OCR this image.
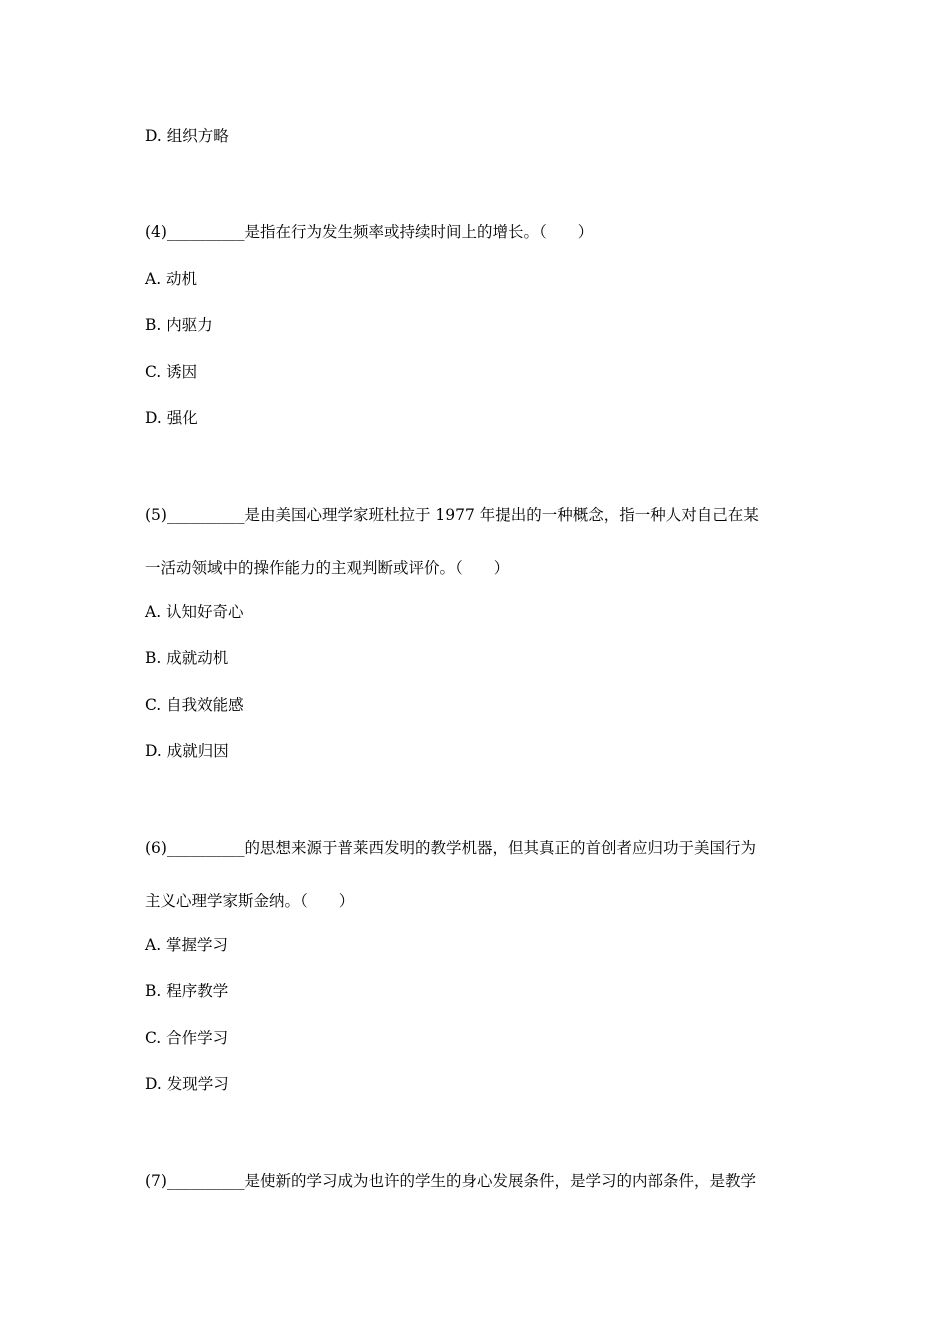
D. 组织方略
(4)__________是指在行为发生频率或持续时间上的增长。（　　）
A. 动机
B. 内驱力
C. 诱因
D. 强化
(5)__________是由美国心理学家班杜拉于 1977 年提出的一种概念，指一种人对自己在某
一活动领域中的操作能力的主观判断或评价。（　　）
A. 认知好奇心
B. 成就动机
C. 自我效能感
D. 成就归因
(6)__________的思想来源于普莱西发明的教学机器，但其真正的首创者应归功于美国行为
主义心理学家斯金纳。（　　）
A. 掌握学习
B. 程序教学
C. 合作学习
D. 发现学习
(7)__________是使新的学习成为也许的学生的身心发展条件，是学习的内部条件，是教学
